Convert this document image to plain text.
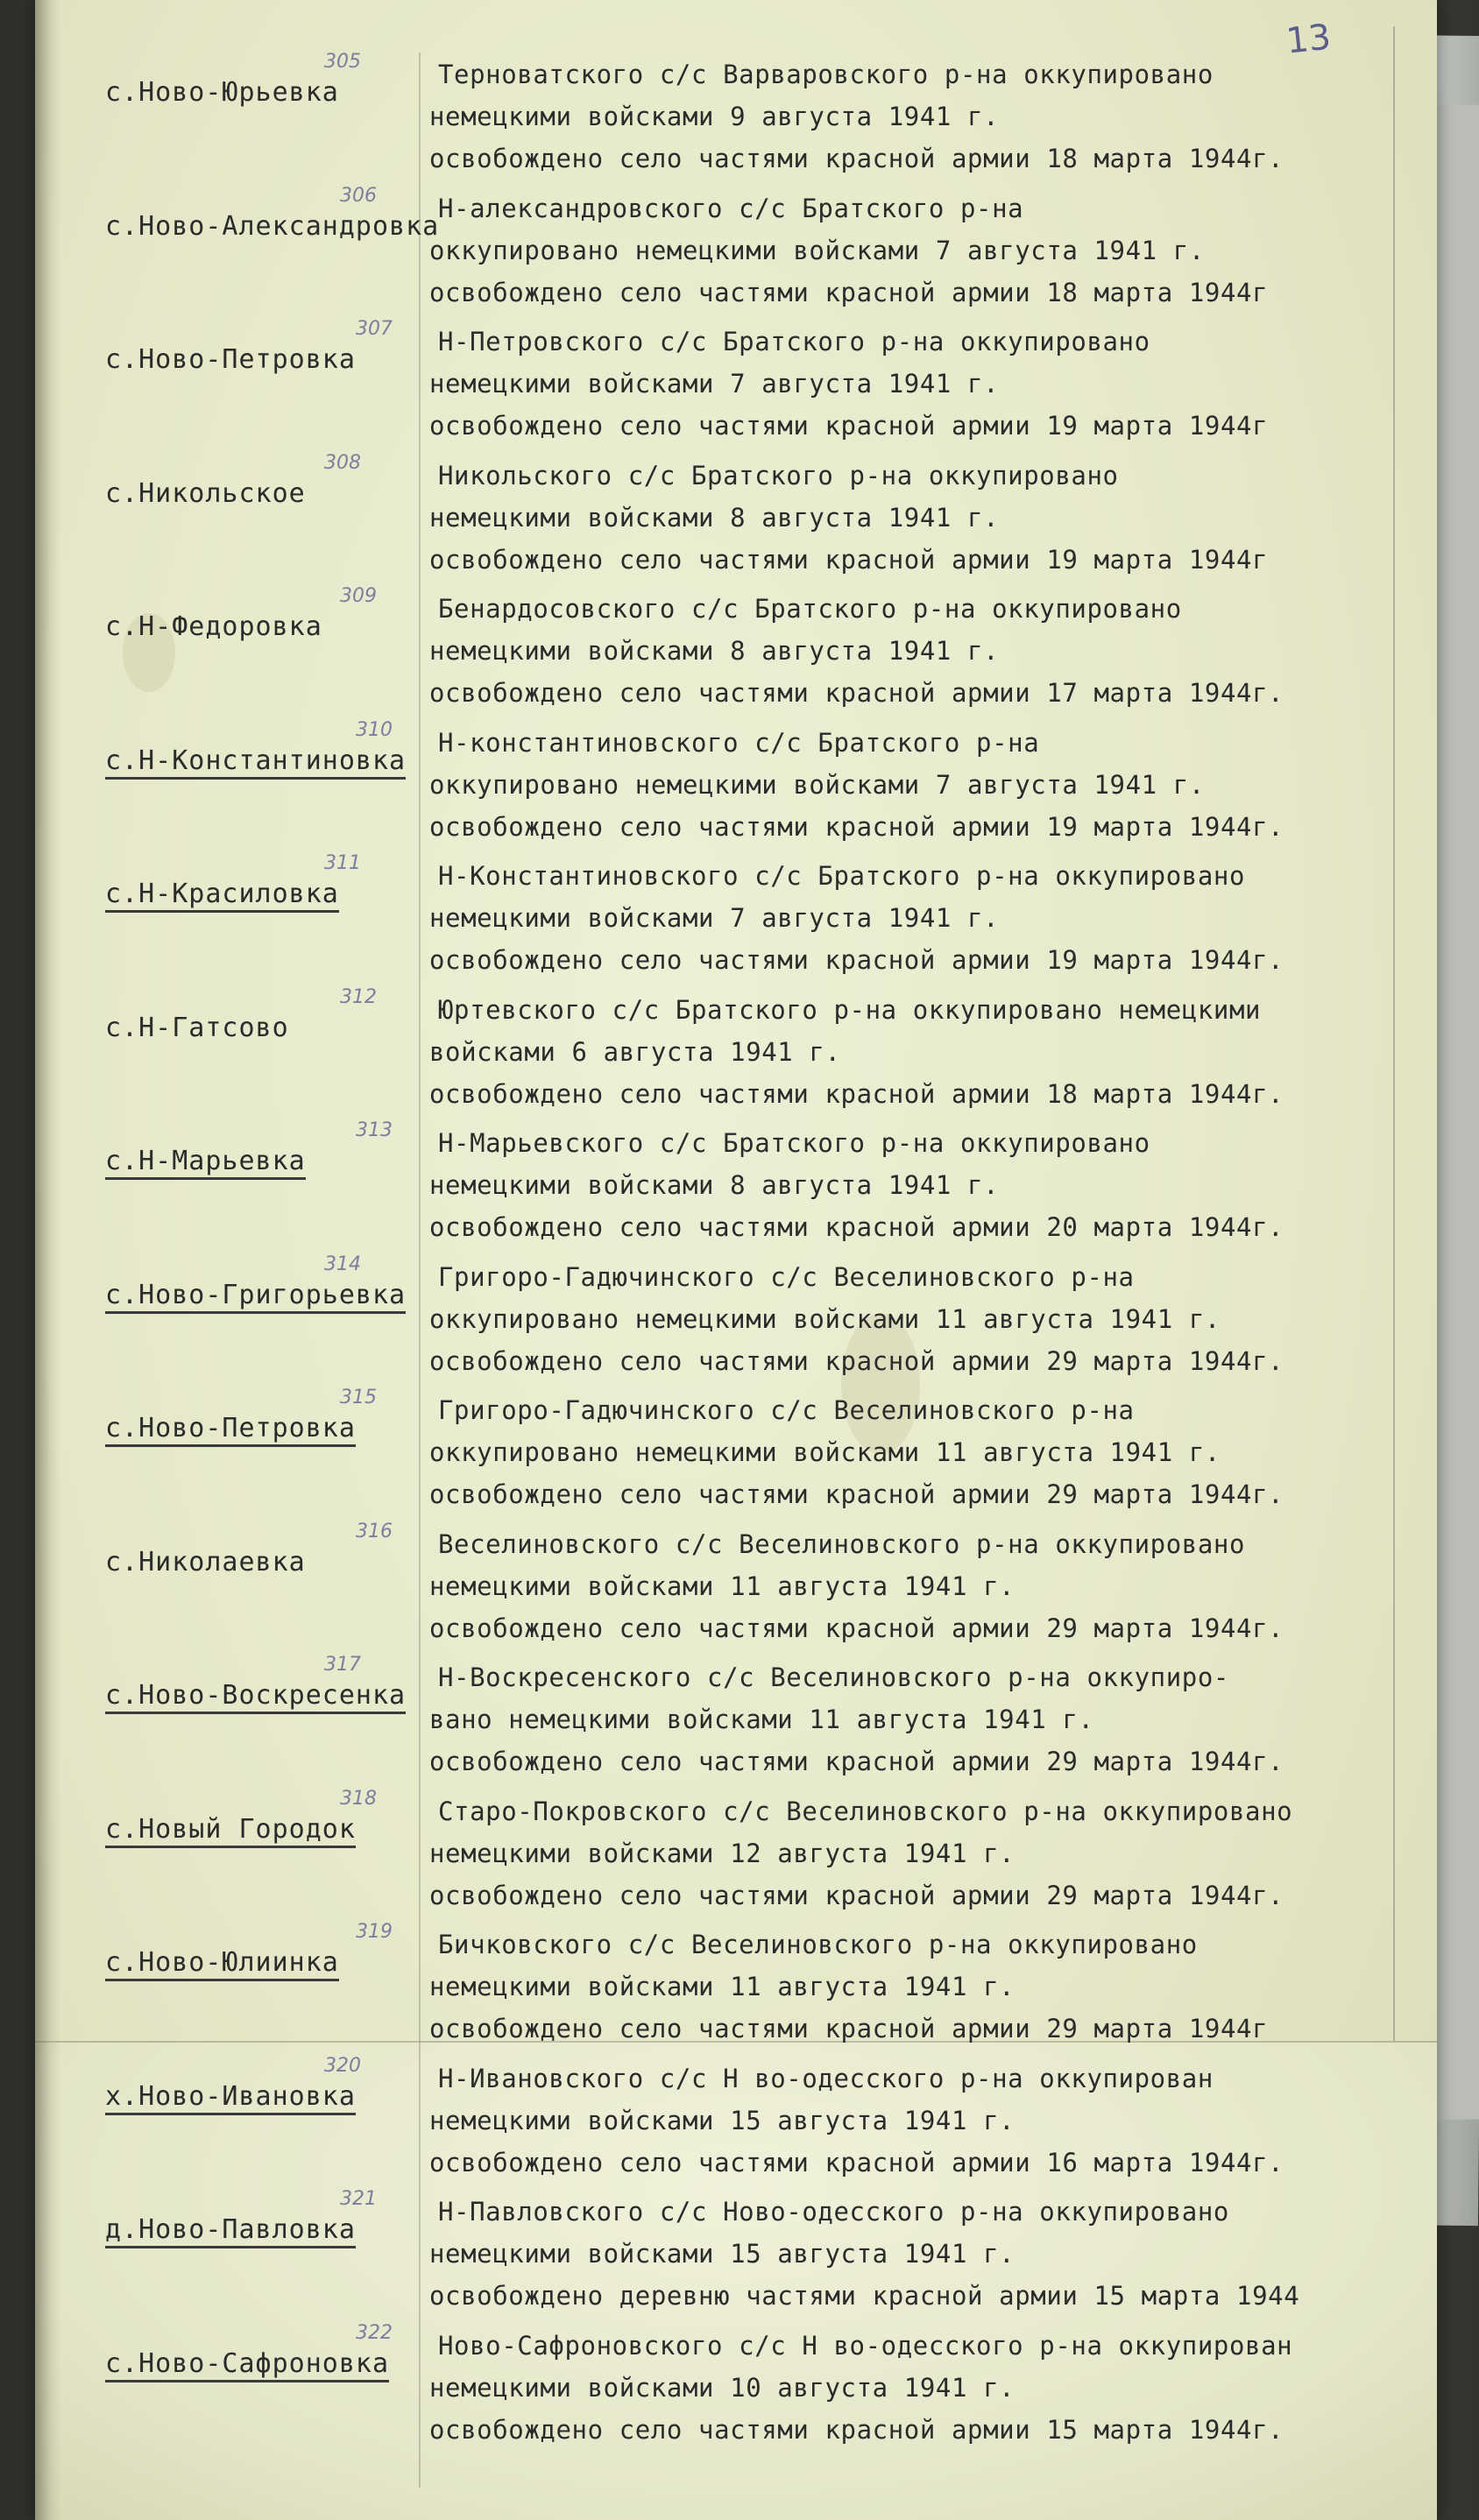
13
с.Ново-Юрьевка
305	Терноватского с/с Варваровского р-на оккупировано
немецкими войсками 9 августа 1941 г.
освобождено село частями красной армии 18 марта 1944г.
с.Ново-Александровка
306 Н-александровского с/с Братского р-на
оккупировано немецкими войсками 7 августа 1941 г.
освобождено село частями красной армии 18 марта 1944г
с.Ново-Петровка
307 Н-Петровского с/с Братского р-на оккупировано
немецкими войсками 7 августа 1941 г.
освобождено село частями красной армии 19 марта 1944г
с.Никольское
308	Никольского с/с Братского р-на оккупировано
немецкими войсками 8 августа 1941 г.
освобождено село частями красной армии 19 марта 1944г
с.Н-Федоровка
309 Бенардосовского с/с Братского р-на оккупировано
немецкими войсками 8 августа 1941 г.
освобождено село частями красной армии 17 марта 1944г.
с.Н-Константиновка
310 Н-константиновского с/с Братского р-на
оккупировано немецкими войсками 7 августа 1941 г.
освобождено село частями красной армии 19 марта 1944г.
с.Н-Красиловка
311	Н-Константиновского с/с Братского р-на оккупировано
немецкими войсками 7 августа 1941 г.
освобождено село частями красной армии 19 марта 1944г.
с.Н-Гатсово
312 Юртевского с/с Братского р-на оккупировано немецкими
войсками 6 августа 1941 г.
освобождено село частями красной армии 18 марта 1944г.
с.Н-Марьевка
313 Н-Марьевского с/с Братского р-на оккупировано
немецкими войсками 8 августа 1941 г.
освобождено село частями красной армии 20 марта 1944г.
с.Ново-Григорьевка
314	Григоро-Гадючинского с/с Веселиновского р-на
оккупировано немецкими войсками 11 августа 1941 г.
освобождено село частями красной армии 29 марта 1944г.
с.Ново-Петровка
315 Григоро-Гадючинского с/с Веселиновского р-на
оккупировано немецкими войсками 11 августа 1941 г.
освобождено село частями красной армии 29 марта 1944г.
с.Николаевка
316 Веселиновского с/с Веселиновского р-на оккупировано
немецкими войсками 11 августа 1941 г.
освобождено село частями красной армии 29 марта 1944г.
с.Ново-Воскресенка
317	Н-Воскресенского с/с Веселиновского р-на оккупиро-
вано немецкими войсками 11 августа 1941 г.
освобождено село частями красной армии 29 марта 1944г.
с.Новый Городок
318 Старо-Покровского с/с Веселиновского р-на оккупировано
немецкими войсками 12 августа 1941 г.
освобождено село частями красной армии 29 марта 1944г.
с.Ново-Юлиинка
319 Бичковского с/с Веселиновского р-на оккупировано
немецкими войсками 11 августа 1941 г.
освобождено село частями красной армии 29 марта 1944г
х.Ново-Ивановка
320	Н-Ивановского с/с Н во-одесского р-на оккупирован
немецкими войсками 15 августа 1941 г.
освобождено село частями красной армии 16 марта 1944г.
д.Ново-Павловка
321 Н-Павловского с/с Ново-одесского р-на оккупировано
немецкими войсками 15 августа 1941 г.
освобождено деревню частями красной армии 15 марта 1944
с.Ново-Сафроновка
322 Ново-Сафроновского с/с Н во-одесского р-на оккупирован
немецкими войсками 10 августа 1941 г.
освобождено село частями красной армии 15 марта 1944г.
